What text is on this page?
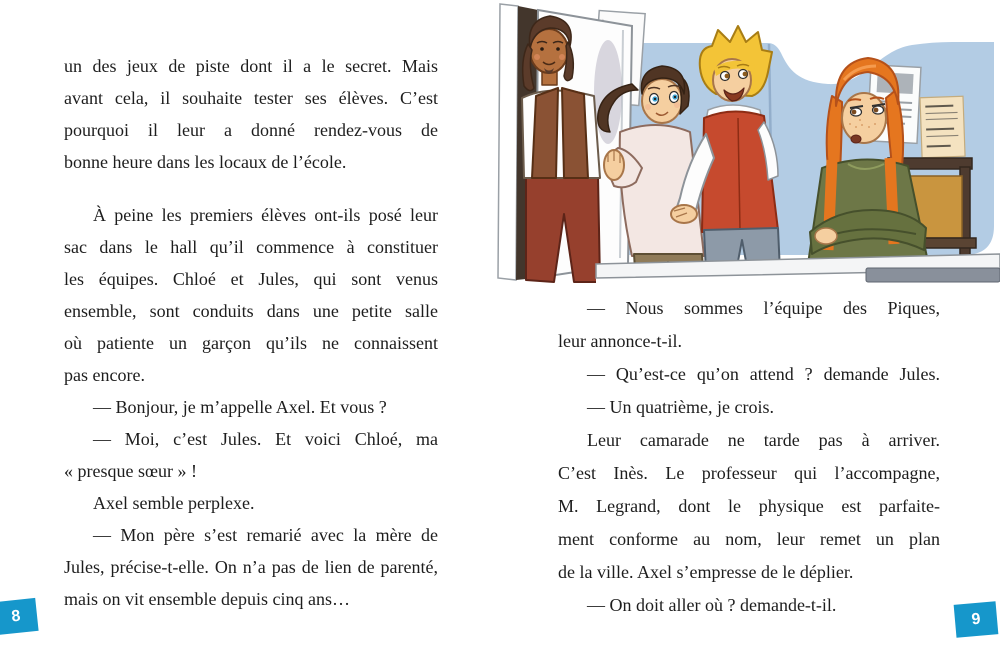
un des jeux de piste dont il a le secret. Mais
avant cela, il souhaite tester ses élèves. C’est
pourquoi il leur a donné rendez-vous de
bonne heure dans les locaux de l’école.
À peine les premiers élèves ont-ils posé leur
sac dans le hall qu’il commence à constituer
les équipes. Chloé et Jules, qui sont venus
ensemble, sont conduits dans une petite salle
où patiente un garçon qu’ils ne connaissent
pas encore.
— Bonjour, je m’appelle Axel. Et vous ?
— Moi, c’est Jules. Et voici Chloé, ma
« presque sœur » !
Axel semble perplexe.
— Mon père s’est remarié avec la mère de
Jules, précise-t-elle. On n’a pas de lien de parenté,
mais on vit ensemble depuis cinq ans…
— Nous sommes l’équipe des Piques,
leur annonce-t-il.
— Qu’est-ce qu’on attend ? demande Jules.
— Un quatrième, je crois.
Leur camarade ne tarde pas à arriver.
C’est Inès. Le professeur qui l’accompagne,
M. Legrand, dont le physique est parfaite-
ment conforme au nom, leur remet un plan
de la ville. Axel s’empresse de le déplier.
— On doit aller où ? demande-t-il.
8	9
